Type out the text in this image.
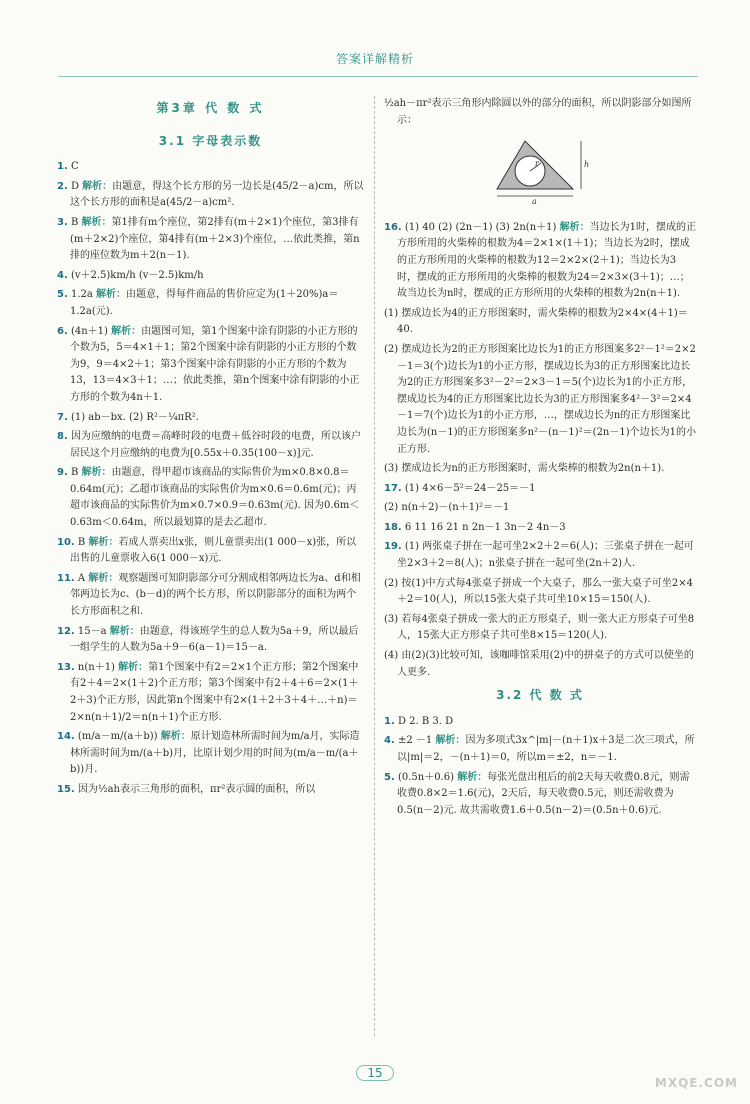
答案详解精析
第3章 代 数 式
3.1 字母表示数
1. C
2. D 解析：由题意，得这个长方形的另一边长是(45/2－a)cm，所以这个长方形的面积是a(45/2－a)cm².
3. B 解析：第1排有m个座位，第2排有(m＋2×1)个座位，第3排有(m＋2×2)个座位，第4排有(m＋2×3)个座位，…依此类推，第n排的座位数为m＋2(n－1).
4. (v＋2.5)km/h (v－2.5)km/h
5. 1.2a 解析：由题意，得每件商品的售价应定为(1＋20%)a＝1.2a(元).
6. (4n＋1) 解析：由题图可知，第1个图案中涂有阴影的小正方形的个数为5，5＝4×1＋1；第2个图案中涂有阴影的小正方形的个数为9，9＝4×2＋1；第3个图案中涂有阴影的小正方形的个数为13，13＝4×3＋1；…；依此类推，第n个图案中涂有阴影的小正方形的个数为4n＋1.
7. (1) ab－bx. (2) R²－¼πR².
8. 因为应缴纳的电费＝高峰时段的电费＋低谷时段的电费，所以该户居民这个月应缴纳的电费为[0.55x＋0.35(100－x)]元.
9. B 解析：由题意，得甲超市该商品的实际售价为m×0.8×0.8＝0.64m(元)；乙超市该商品的实际售价为m×0.6＝0.6m(元)；丙超市该商品的实际售价为m×0.7×0.9＝0.63m(元). 因为0.6m＜0.63m＜0.64m，所以最划算的是去乙超市.
10. B 解析：若成人票卖出x张，则儿童票卖出(1 000－x)张，所以出售的儿童票收入6(1 000－x)元.
11. A 解析：观察题图可知阴影部分可分割成相邻两边长为a、d和相邻两边长为c、(b－d)的两个长方形，所以阴影部分的面积为两个长方形面积之和.
12. 15－a 解析：由题意，得该班学生的总人数为5a＋9，所以最后一组学生的人数为5a＋9－6(a－1)＝15－a.
13. n(n＋1) 解析：第1个图案中有2＝2×1个正方形；第2个图案中有2＋4＝2×(1＋2)个正方形；第3个图案中有2＋4＋6＝2×(1＋2＋3)个正方形，因此第n个图案中有2×(1＋2＋3＋4＋…＋n)＝2×n(n＋1)/2＝n(n＋1)个正方形.
14. (m/a－m/(a＋b)) 解析：原计划造林所需时间为m/a月，实际造林所需时间为m/(a＋b)月，比原计划少用的时间为(m/a－m/(a＋b))月.
15. 因为½ah表示三角形的面积，πr²表示圆的面积，所以
½ah－πr²表示三角形内除圆以外的部分的面积，所以阴影部分如图所示：
r	h
a
16. (1) 40 (2) (2n－1) (3) 2n(n＋1) 解析：当边长为1时，摆成的正方形所用的火柴棒的根数为4＝2×1×(1＋1)；当边长为2时，摆成的正方形所用的火柴棒的根数为12＝2×2×(2＋1)；当边长为3时，摆成的正方形所用的火柴棒的根数为24＝2×3×(3＋1)；…；故当边长为n时，摆成的正方形所用的火柴棒的根数为2n(n＋1).
(1) 摆成边长为4的正方形图案时，需火柴棒的根数为2×4×(4＋1)＝40.
(2) 摆成边长为2的正方形图案比边长为1的正方形图案多2²－1²＝2×2－1＝3(个)边长为1的小正方形，摆成边长为3的正方形图案比边长为2的正方形图案多3²－2²＝2×3－1＝5(个)边长为1的小正方形，摆成边长为4的正方形图案比边长为3的正方形图案多4²－3²＝2×4－1＝7(个)边长为1的小正方形，…，摆成边长为n的正方形图案比边长为(n－1)的正方形图案多n²－(n－1)²＝(2n－1)个边长为1的小正方形.
(3) 摆成边长为n的正方形图案时，需火柴棒的根数为2n(n＋1).
17. (1) 4×6－5²＝24－25＝－1
(2) n(n＋2)－(n＋1)²＝－1
18. 6 11 16 21 n 2n－1 3n－2 4n－3
19. (1) 两张桌子拼在一起可坐2×2＋2＝6(人)；三张桌子拼在一起可坐2×3＋2＝8(人)；n张桌子拼在一起可坐(2n＋2)人.
(2) 按(1)中方式每4张桌子拼成一个大桌子，那么一张大桌子可坐2×4＋2＝10(人)，所以15张大桌子共可坐10×15＝150(人).
(3) 若每4张桌子拼成一张大的正方形桌子，则一张大正方形桌子可坐8人，15张大正方形桌子共可坐8×15＝120(人).
(4) 由(2)(3)比较可知，该咖啡馆采用(2)中的拼桌子的方式可以使坐的人更多.
3.2 代 数 式
1. D 2. B 3. D
4. ±2 －1 解析：因为多项式3x^|m|－(n＋1)x＋3是二次三项式，所以|m|＝2，－(n＋1)＝0，所以m＝±2，n＝－1.
5. (0.5n＋0.6) 解析：每张光盘出租后的前2天每天收费0.8元，则需收费0.8×2＝1.6(元)，2天后，每天收费0.5元，则还需收费为0.5(n－2)元. 故共需收费1.6＋0.5(n－2)＝(0.5n＋0.6)元.
15
MXQE.COM
